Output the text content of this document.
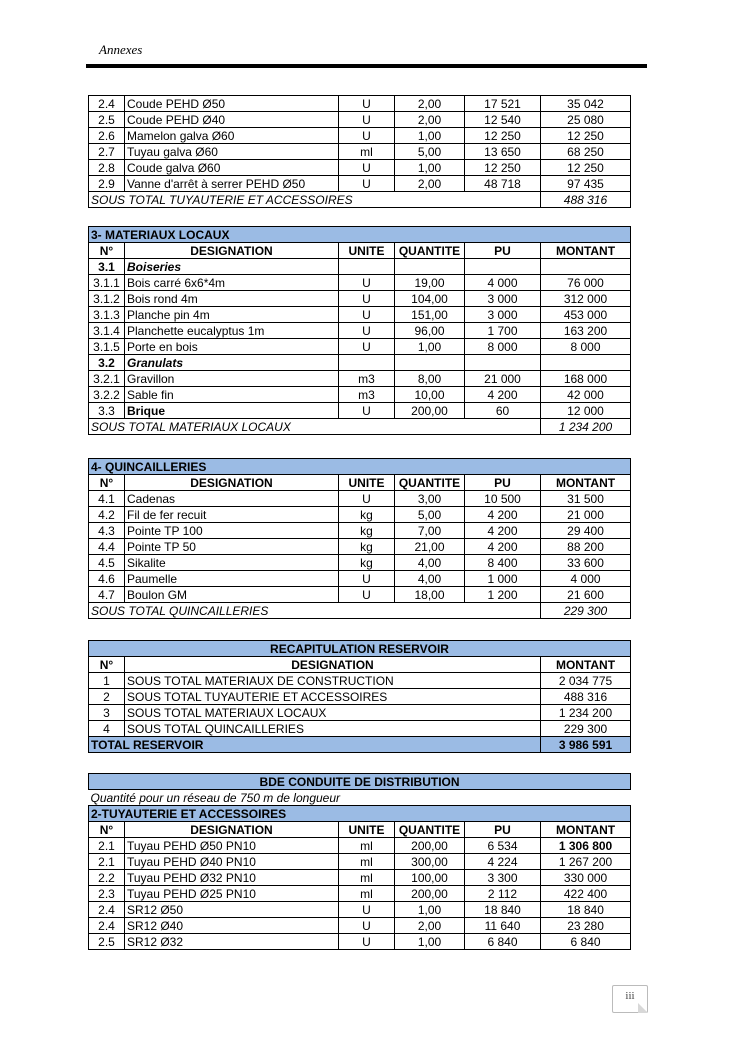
Annexes
2.4	Coude PEHD Ø50	U	2,00	17 521	35 042
2.5	Coude PEHD Ø40	U	2,00	12 540	25 080
2.6	Mamelon galva Ø60	U	1,00	12 250	12 250
2.7	Tuyau galva Ø60	ml	5,00	13 650	68 250
2.8	Coude galva Ø60	U	1,00	12 250	12 250
2.9	Vanne d'arrêt à serrer PEHD Ø50	U	2,00	48 718	97 435
SOUS TOTAL TUYAUTERIE ET ACCESSOIRES					488 316
3- MATERIAUX LOCAUX					
N°	DESIGNATION	UNITE	QUANTITE	PU	MONTANT
3.1	Boiseries				
3.1.1	Bois carré 6x6*4m	U	19,00	4 000	76 000
3.1.2	Bois rond 4m	U	104,00	3 000	312 000
3.1.3	Planche pin 4m	U	151,00	3 000	453 000
3.1.4	Planchette eucalyptus 1m	U	96,00	1 700	163 200
3.1.5	Porte en bois	U	1,00	8 000	8 000
3.2	Granulats				
3.2.1	Gravillon	m3	8,00	21 000	168 000
3.2.2	Sable fin	m3	10,00	4 200	42 000
3.3	Brique	U	200,00	60	12 000
SOUS TOTAL MATERIAUX LOCAUX					1 234 200
4- QUINCAILLERIES					
N°	DESIGNATION	UNITE	QUANTITE	PU	MONTANT
4.1	Cadenas	U	3,00	10 500	31 500
4.2	Fil de fer recuit	kg	5,00	4 200	21 000
4.3	Pointe TP 100	kg	7,00	4 200	29 400
4.4	Pointe TP 50	kg	21,00	4 200	88 200
4.5	Sikalite	kg	4,00	8 400	33 600
4.6	Paumelle	U	4,00	1 000	4 000
4.7	Boulon GM	U	18,00	1 200	21 600
SOUS TOTAL QUINCAILLERIES					229 300
RECAPITULATION RESERVOIR		
N°	DESIGNATION	MONTANT
1	SOUS TOTAL MATERIAUX DE CONSTRUCTION	2 034 775
2	SOUS TOTAL TUYAUTERIE ET ACCESSOIRES	488 316
3	SOUS TOTAL MATERIAUX LOCAUX	1 234 200
4	SOUS TOTAL QUINCAILLERIES	229 300
TOTAL RESERVOIR		3 986 591
BDE CONDUITE DE DISTRIBUTION					
Quantité pour un réseau de 750 m de longueur					
2-TUYAUTERIE ET ACCESSOIRES					
N°	DESIGNATION	UNITE	QUANTITE	PU	MONTANT
2.1	Tuyau PEHD Ø50 PN10	ml	200,00	6 534	1 306 800
2.1	Tuyau PEHD Ø40 PN10	ml	300,00	4 224	1 267 200
2.2	Tuyau PEHD Ø32 PN10	ml	100,00	3 300	330 000
2.3	Tuyau PEHD Ø25 PN10	ml	200,00	2 112	422 400
2.4	SR12 Ø50	U	1,00	18 840	18 840
2.4	SR12 Ø40	U	2,00	11 640	23 280
2.5	SR12 Ø32	U	1,00	6 840	6 840
iii
